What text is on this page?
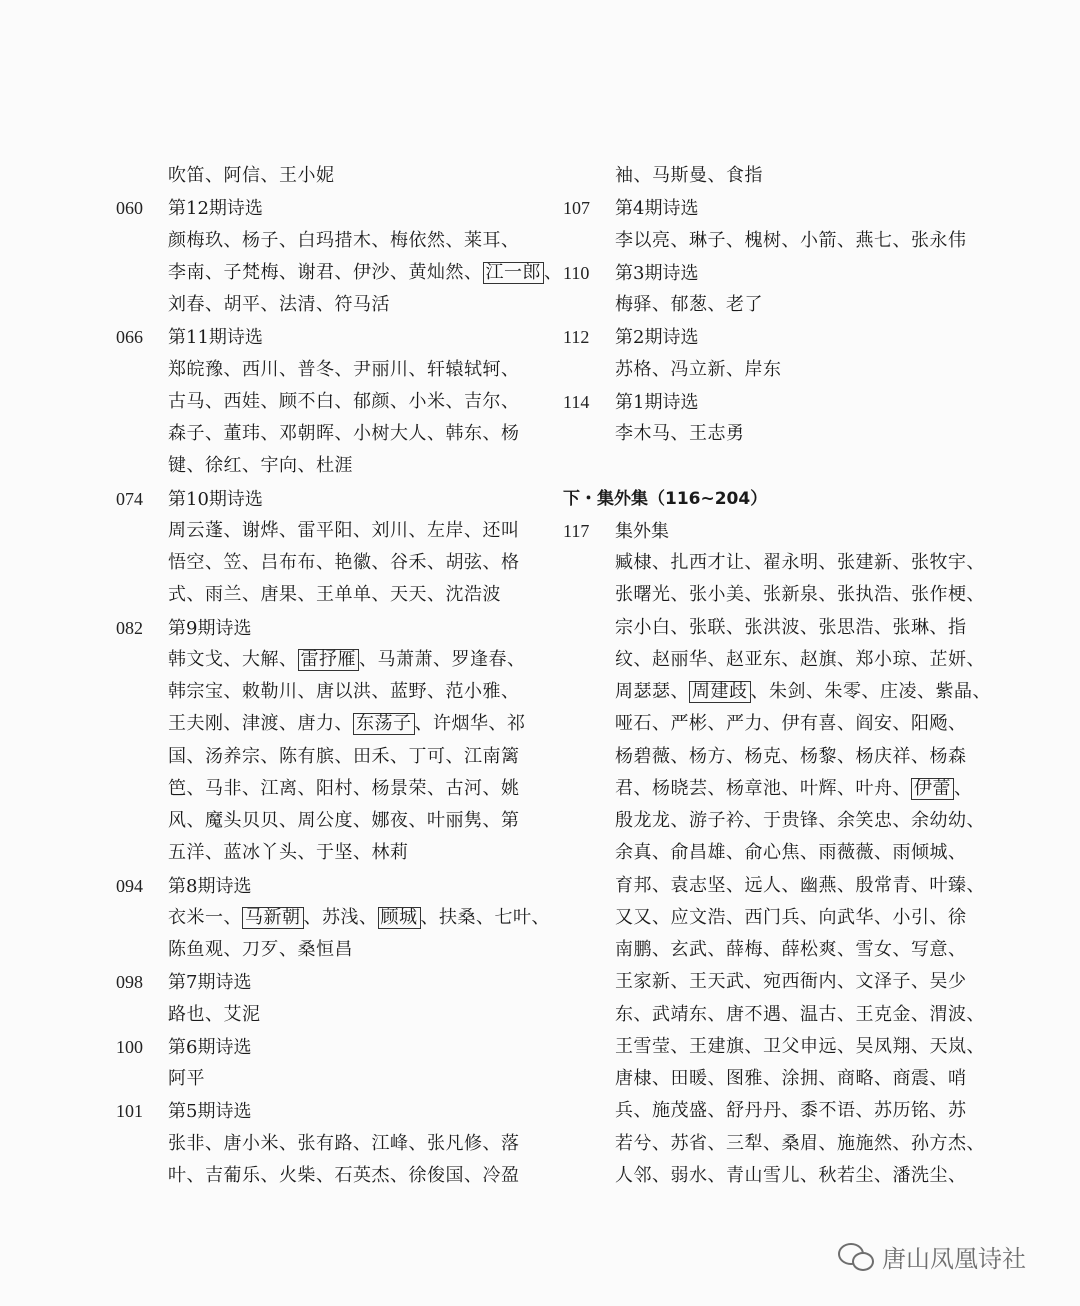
吹笛、阿信、王小妮
060 第12期诗选
颜梅玖、杨子、白玛措木、梅依然、莱耳、
李南、子梵梅、谢君、伊沙、黄灿然、 江一郎 、
刘春、胡平、法清、符马活
066 第11期诗选
郑皖豫、西川、普冬、尹丽川、轩辕轼轲、
古马、西娃、顾不白、郁颜、小米、吉尔、
森子、董玮、邓朝晖、小树大人、韩东、杨
键、徐红、宇向、杜涯
074 第10期诗选
周云蓬、谢烨、雷平阳、刘川、左岸、还叫
悟空、笠、吕布布、艳徽、谷禾、胡弦、格
式、雨兰、唐果、王单单、天天、沈浩波
082 第9期诗选
韩文戈、大解、 雷抒雁 、马萧萧、罗逢春、
韩宗宝、敕勒川、唐以洪、蓝野、范小雅、
王夫刚、津渡、唐力、 东荡子 、许烟华、祁
国、汤养宗、陈有膑、田禾、丁可、江南篱
笆、马非、江离、阳村、杨景荣、古河、姚
风、魔头贝贝、周公度、娜夜、叶丽隽、第
五洋、蓝冰丫头、于坚、林莉
094 第8期诗选
衣米一、 马新朝 、苏浅、 顾城 、扶桑、七叶、
陈鱼观、刀歹、桑恒昌
098 第7期诗选
路也、艾泥
100 第6期诗选
阿平
101 第5期诗选
张非、唐小米、张有路、江峰、张凡修、落
叶、吉葡乐、火柴、石英杰、徐俊国、冷盈
袖、马斯曼、食指
107 第4期诗选
李以亮、琳子、槐树、小箭、燕七、张永伟
110 第3期诗选
梅驿、郁葱、老了
112 第2期诗选
苏格、冯立新、岸东
114 第1期诗选
李木马、王志勇
下・集外集（116~204）
117 集外集
臧棣、扎西才让、翟永明、张建新、张牧宇、
张曙光、张小美、张新泉、张执浩、张作梗、
宗小白、张联、张洪波、张思浩、张琳、指
纹、赵丽华、赵亚东、赵旗、郑小琼、芷妍、
周瑟瑟、 周建歧 、朱剑、朱零、庄凌、紫晶、
哑石、严彬、严力、伊有喜、阎安、阳飏、
杨碧薇、杨方、杨克、杨黎、杨庆祥、杨森
君、杨晓芸、杨章池、叶辉、叶舟、 伊蕾 、
殷龙龙、游子衿、于贵锋、余笑忠、余幼幼、
余真、俞昌雄、俞心焦、雨薇薇、雨倾城、
育邦、袁志坚、远人、幽燕、殷常青、叶臻、
又又、应文浩、西门兵、向武华、小引、徐
南鹏、玄武、薛梅、薛松爽、雪女、写意、
王家新、王天武、宛西衙内、文泽子、吴少
东、武靖东、唐不遇、温古、王克金、渭波、
王雪莹、王建旗、卫父申远、吴凤翔、天岚、
唐棣、田暖、图雅、涂拥、商略、商震、哨
兵、施茂盛、舒丹丹、黍不语、苏历铭、苏
若兮、苏省、三犁、桑眉、施施然、孙方杰、
人邻、弱水、青山雪儿、秋若尘、潘洗尘、
唐山凤凰诗社
